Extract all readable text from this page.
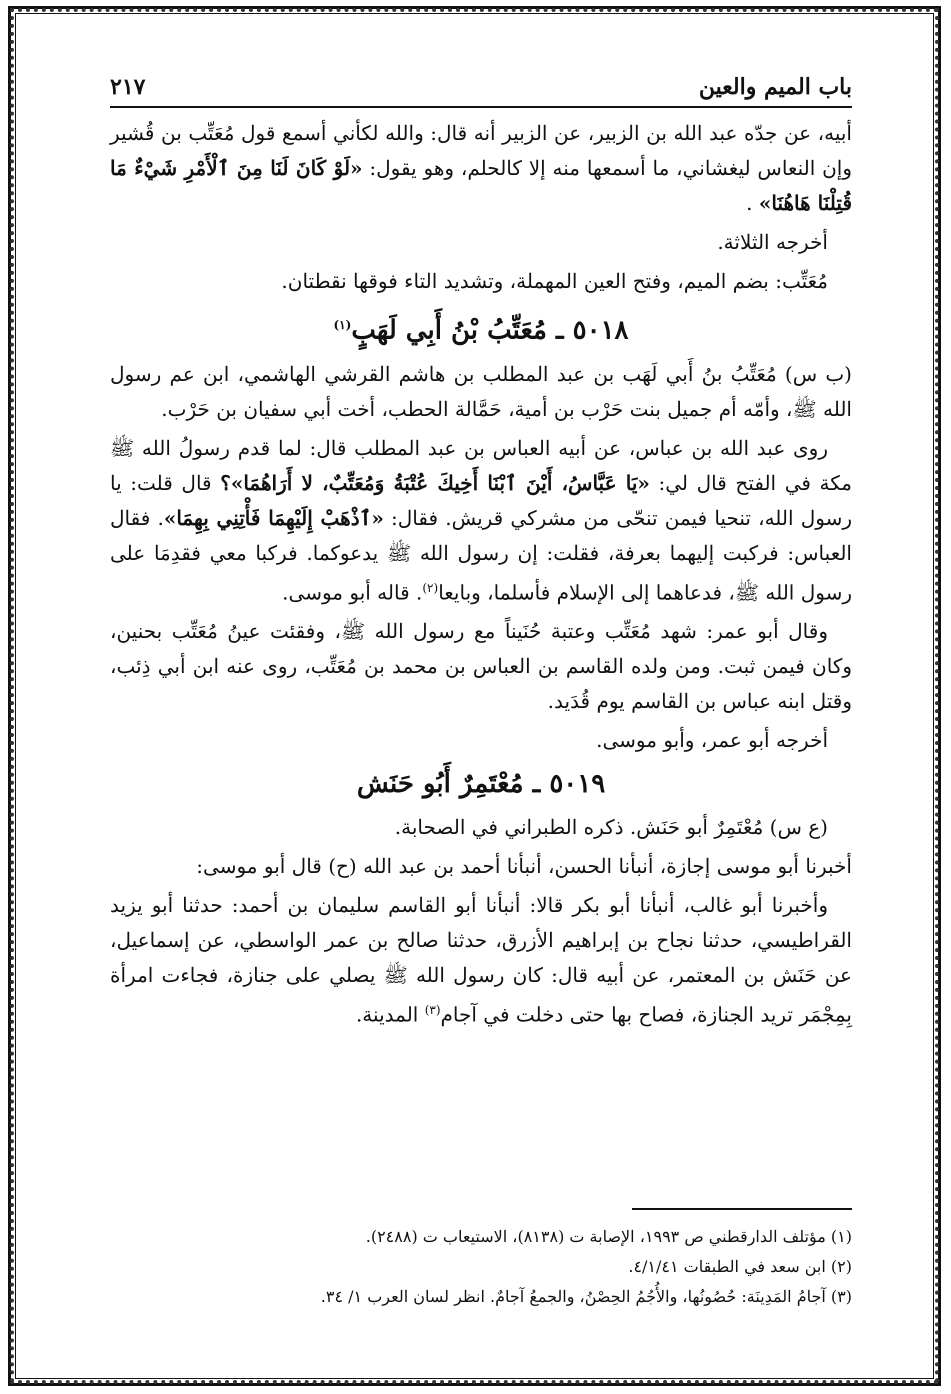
باب الميم والعين
٢١٧

أبيه، عن جدّه عبد الله بن الزبير، عن الزبير أنه قال: والله لكأني أسمع قول مُعَتِّب بن قُشير وإن النعاس ليغشاني، ما أسمعها منه إلا كالحلم، وهو يقول: «لَوْ كَانَ لَنَا مِنَ ٱلْأَمْرِ شَيْءٌ مَا قُتِلْنَا هَاهُنَا» .

أخرجه الثلاثة.

مُعَتِّب: بضم الميم، وفتح العين المهملة، وتشديد التاء فوقها نقطتان.

٥٠١٨ ـ مُعَتِّبُ بْنُ أَبِي لَهَبٍ$^{(١)}$

(ب س) مُعَتِّبُ بنُ أَبي لَهَب بن عبد المطلب بن هاشم القرشي الهاشمي، ابن عم رسول الله ﷺ، وأمّه أم جميل بنت حَرْب بن أمية، حَمَّالة الحطب، أخت أبي سفيان بن حَرْب.

روى عبد الله بن عباس، عن أبيه العباس بن عبد المطلب قال: لما قدم رسولُ الله ﷺ مكة في الفتح قال لي: «يَا عَبَّاسُ، أَيْنَ ٱبْنَا أَخِيكَ عُتْبَةُ وَمُعَتِّبٌ، لا أَرَاهُمَا»؟ قال قلت: يا رسول الله، تنحيا فيمن تنحّى من مشركي قريش. فقال: «ٱذْهَبْ إِلَيْهِمَا فَأْتِنِي بِهِمَا». فقال العباس: فركبت إليهما بعرفة، فقلت: إن رسول الله ﷺ يدعوكما. فركبا معي فقدِمَا على رسول الله ﷺ، فدعاهما إلى الإسلام فأسلما، وبايعا$^{(٢)}$. قاله أبو موسى.

وقال أبو عمر: شهد مُعَتِّب وعتبة حُنَيناً مع رسول الله ﷺ، وفقئت عينُ مُعَتِّب بحنين، وكان فيمن ثبت. ومن ولده القاسم بن العباس بن محمد بن مُعَتِّب، روى عنه ابن أبي ذِئب، وقتل ابنه عباس بن القاسم يوم قُدَيد.

أخرجه أبو عمر، وأبو موسى.

٥٠١٩ ـ مُعْتَمِرٌ أَبُو حَنَش

(ع س) مُعْتَمِرٌ أبو حَنَش. ذكره الطبراني في الصحابة.

أخبرنا أبو موسى إجازة، أنبأنا الحسن، أنبأنا أحمد بن عبد الله (ح) قال أبو موسى:

وأخبرنا أبو غالب، أنبأنا أبو بكر قالا: أنبأنا أبو القاسم سليمان بن أحمد: حدثنا أبو يزيد القراطيسي، حدثنا نجاح بن إبراهيم الأزرق، حدثنا صالح بن عمر الواسطي، عن إسماعيل، عن حَنَش بن المعتمر، عن أبيه قال: كان رسول الله ﷺ يصلي على جنازة، فجاءت امرأة بِمِجْمَر تريد الجنازة، فصاح بها حتى دخلت في آجام$^{(٣)}$ المدينة.

(١) مؤتلف الدارقطني ص ١٩٩٣، الإصابة ت (٨١٣٨)، الاستيعاب ت (٢٤٨٨).
(٢) ابن سعد في الطبقات ٤/١/٤١.
(٣) آجامُ المَدِينَة: حُصُونُها، والأُجُمُ الحِصْنُ، والجمعُ آجامٌ. انظر لسان العرب ١/ ٣٤.
